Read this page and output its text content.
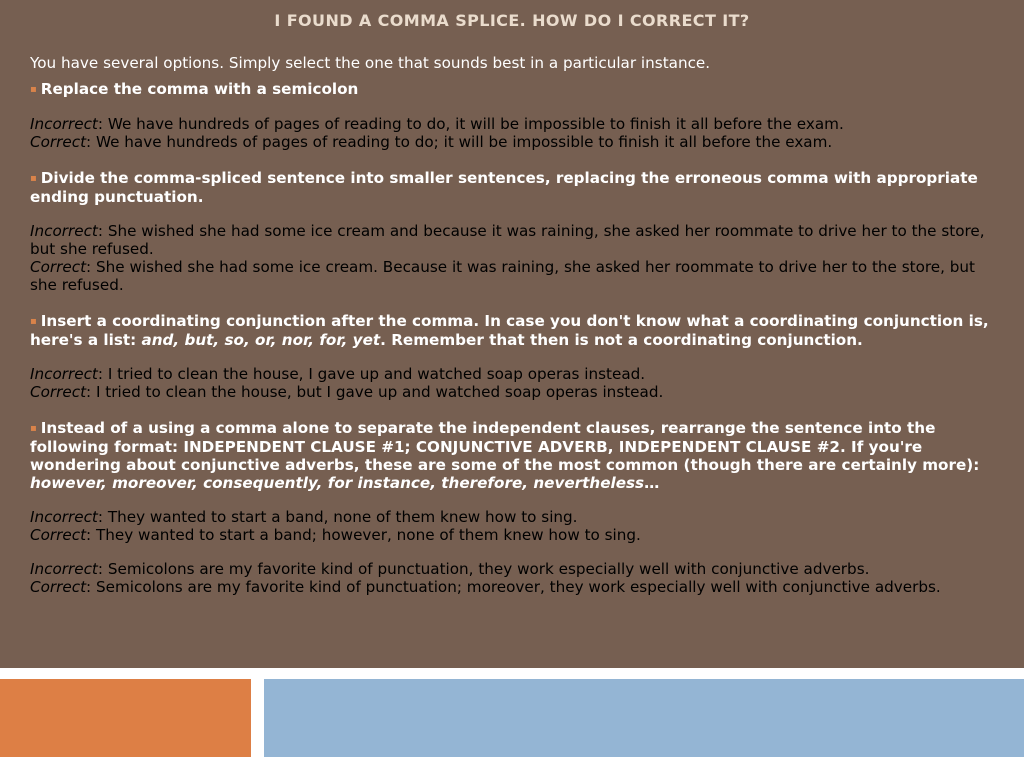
I FOUND A COMMA SPLICE. HOW DO I CORRECT IT?

You have several options. Simply select the one that sounds best in a particular instance.

▪ Replace the comma with a semicolon

Incorrect: We have hundreds of pages of reading to do, it will be impossible to finish it all before the exam.

Correct: We have hundreds of pages of reading to do; it will be impossible to finish it all before the exam.

▪ Divide the comma-spliced sentence into smaller sentences, replacing the erroneous comma with appropriate ending punctuation.

Incorrect: She wished she had some ice cream and because it was raining, she asked her roommate to drive her to the store, but she refused.

Correct: She wished she had some ice cream. Because it was raining, she asked her roommate to drive her to the store, but she refused.

▪ Insert a coordinating conjunction after the comma. In case you don't know what a coordinating conjunction is, here's a list: and, but, so, or, nor, for, yet. Remember that then is not a coordinating conjunction.

Incorrect: I tried to clean the house, I gave up and watched soap operas instead.

Correct: I tried to clean the house, but I gave up and watched soap operas instead.

▪ Instead of a using a comma alone to separate the independent clauses, rearrange the sentence into the following format: INDEPENDENT CLAUSE #1; CONJUNCTIVE ADVERB, INDEPENDENT CLAUSE #2. If you're wondering about conjunctive adverbs, these are some of the most common (though there are certainly more): however, moreover, consequently, for instance, therefore, nevertheless…

Incorrect: They wanted to start a band, none of them knew how to sing.

Correct: They wanted to start a band; however, none of them knew how to sing.

Incorrect: Semicolons are my favorite kind of punctuation, they work especially well with conjunctive adverbs.

Correct: Semicolons are my favorite kind of punctuation; moreover, they work especially well with conjunctive adverbs.
